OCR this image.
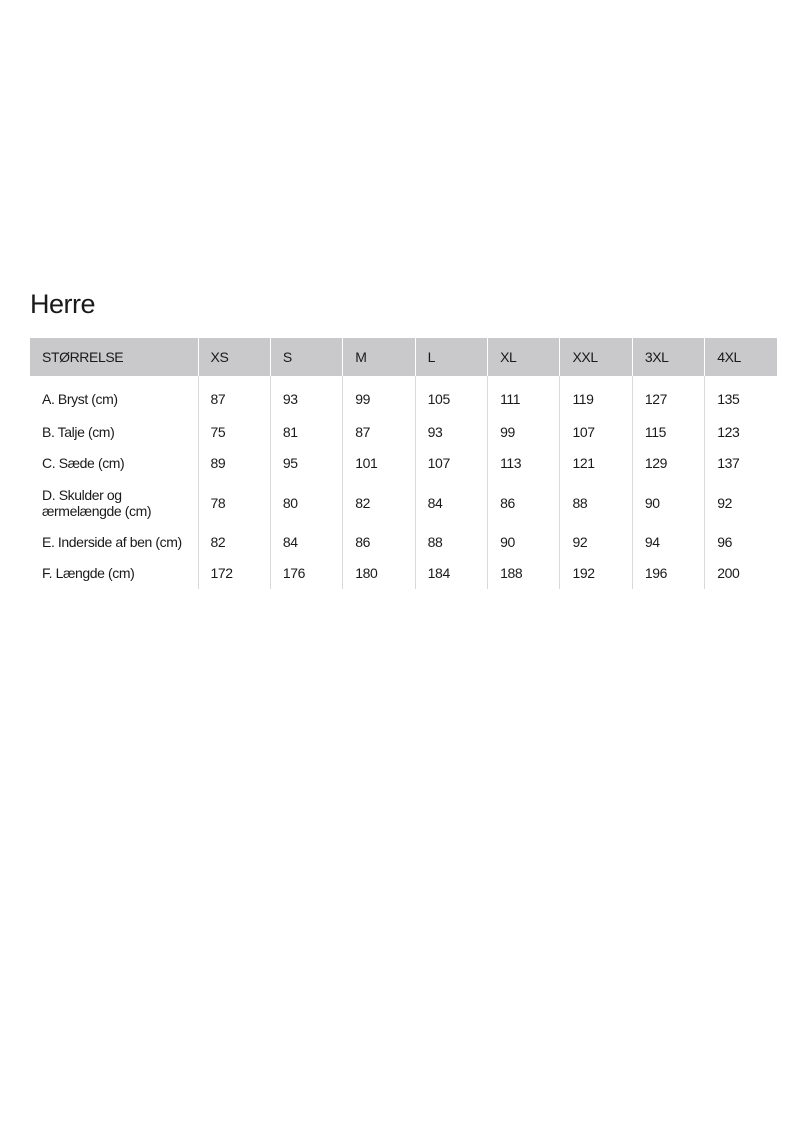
Herre
STØRRELSE	XS	S	M	L	XL	XXL	3XL	4XL
A. Bryst (cm)	87	93	99	105	111	119	127	135
B. Talje (cm)	75	81	87	93	99	107	115	123
C. Sæde (cm)	89	95	101	107	113	121	129	137
D. Skulder og
ærmelængde (cm)	78	80	82	84	86	88	90	92
E. Inderside af ben (cm)	82	84	86	88	90	92	94	96
F. Længde (cm)	172	176	180	184	188	192	196	200
